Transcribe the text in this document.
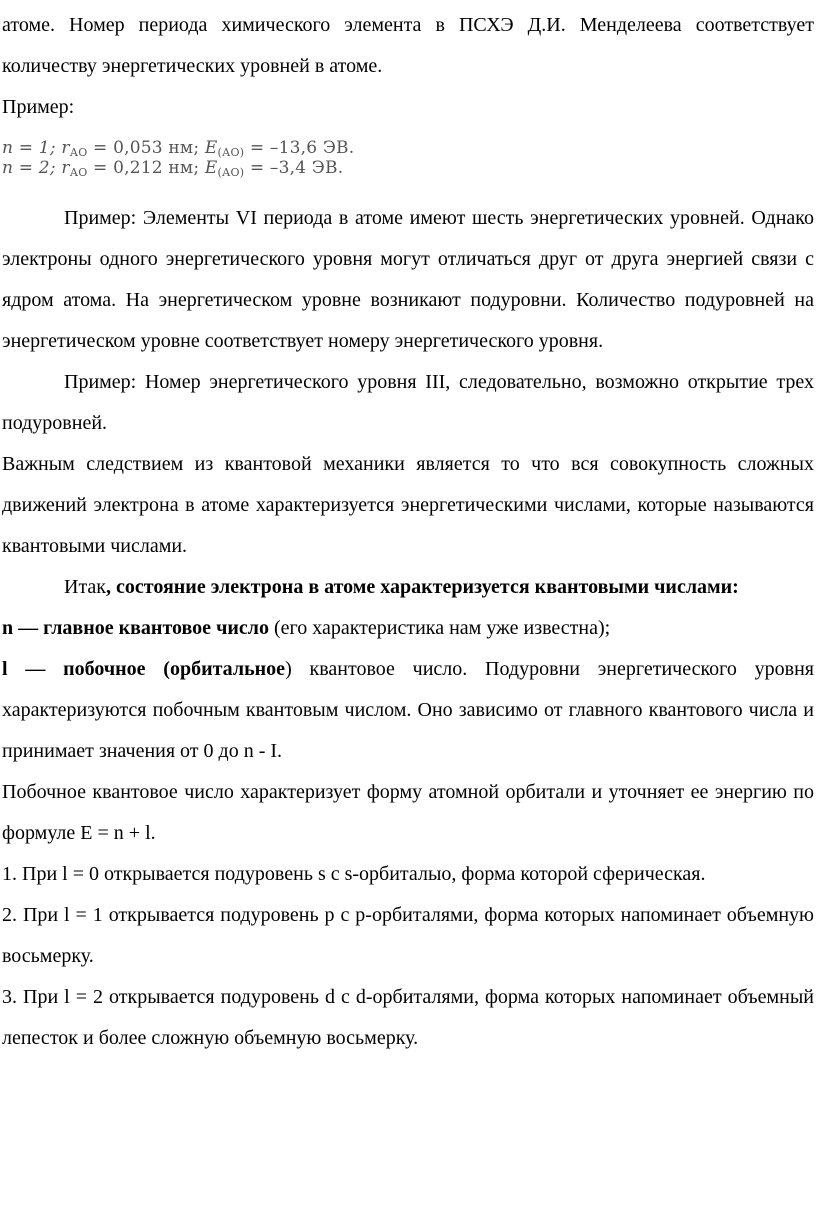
атоме. Номер периода химического элемента в ПСХЭ Д.И. Менделеева соответствует количеству энергетических уровней в атоме.

Пример:

n = 1; $r_{АО} = 0,053$ нм; $E_{(АО)} = -13,6$ ЭВ.
n = 2; $r_{АО} = 0,212$ нм; $E_{(АО)} = -3,4$ ЭВ.

Пример: Элементы VI периода в атоме имеют шесть энергетических уровней. Однако электроны одного энергетического уровня могут отличаться друг от друга энергией связи с ядром атома. На энергетическом уровне возникают подуровни. Количество подуровней на энергетическом уровне соответствует номеру энергетического уровня.

Пример: Номер энергетического уровня III, следовательно, возможно открытие трех подуровней.

Важным следствием из квантовой механики является то что вся совокупность сложных движений электрона в атоме характеризуется энергетическими числами, которые называются квантовыми числами.

Итак, состояние электрона в атоме характеризуется квантовыми числами:

n — главное квантовое число (его характеристика нам уже известна);

l — побочное (орбитальное) квантовое число. Подуровни энергетического уровня характеризуются побочным квантовым числом. Оно зависимо от главного квантового числа и принимает значения от 0 до n - I.

Побочное квантовое число характеризует форму атомной орбитали и уточняет ее энергию по формуле E = n + l.

1. При l = 0 открывается подуровень s с s-орбиталыо, форма которой сферическая.

2. При l = 1 открывается подуровень p с p-орбиталями, форма которых напоминает объемную восьмерку.

3. При l = 2 открывается подуровень d с d-орбиталями, форма которых напоминает объемный лепесток и более сложную объемную восьмерку.
